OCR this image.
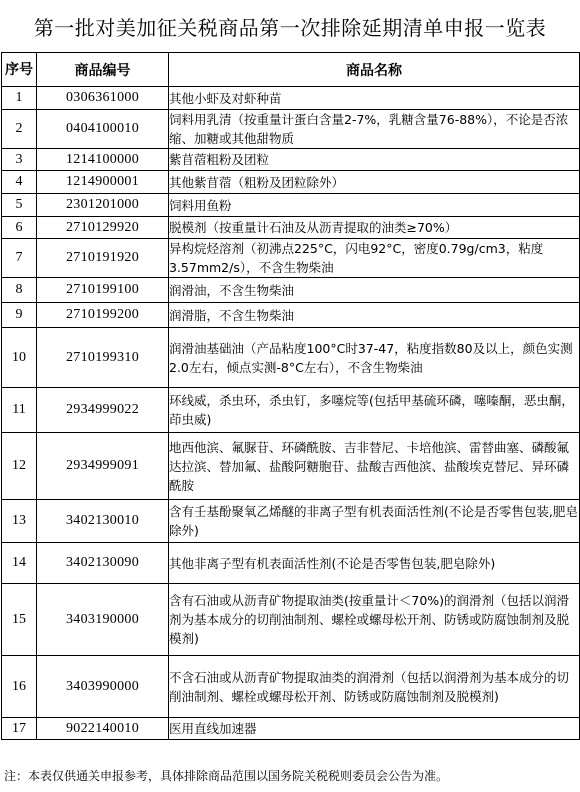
第一批对美加征关税商品第一次排除延期清单申报一览表
序号	商品编号	商品名称
1	0306361000	其他小虾及对虾种苗

2	0404100010	饲料用乳清（按重量计蛋白含量2-7%，乳糖含量76-88%），不论是否浓缩、加糖或其他甜物质

3	1214100000	紫苜蓿粗粉及团粒

4	1214900001	其他紫苜蓿（粗粉及团粒除外）

5	2301201000	饲料用鱼粉

6	2710129920	脱模剂（按重量计石油及从沥青提取的油类≥70%）

7	2710191920	异构烷烃溶剂（初沸点225°C，闪电92°C，密度0.79g/cm3，粘度3.57mm2/s），不含生物柴油

8	2710199100	润滑油，不含生物柴油

9	2710199200	润滑脂，不含生物柴油

10	2710199310	润滑油基础油（产品粘度100°C时37-47，粘度指数80及以上，颜色实测2.0左右，倾点实测-8°C左右），不含生物柴油

11	2934999022	环线威，杀虫环，杀虫钉，多噻烷等(包括甲基硫环磷，噻嗪酮，恶虫酮，茚虫威)

12	2934999091	地西他滨、氟脲苷、环磷酰胺、吉非替尼、卡培他滨、雷替曲塞、磷酸氟达拉滨、替加氟、盐酸阿糖胞苷、盐酸吉西他滨、盐酸埃克替尼、异环磷酰胺

13	3402130010	含有壬基酚聚氧乙烯醚的非离子型有机表面活性剂(不论是否零售包装,肥皂除外)

14	3402130090	其他非离子型有机表面活性剂(不论是否零售包装,肥皂除外)

15	3403190000	含有石油或从沥青矿物提取油类(按重量计＜70%)的润滑剂（包括以润滑剂为基本成分的切削油制剂、螺栓或螺母松开剂、防锈或防腐蚀制剂及脱模剂)

16	3403990000	不含石油或从沥青矿物提取油类的润滑剂（包括以润滑剂为基本成分的切削油制剂、螺栓或螺母松开剂、防锈或防腐蚀制剂及脱模剂)

17	9022140010	医用直线加速器
注：本表仅供通关申报参考，具体排除商品范围以国务院关税税则委员会公告为准。
